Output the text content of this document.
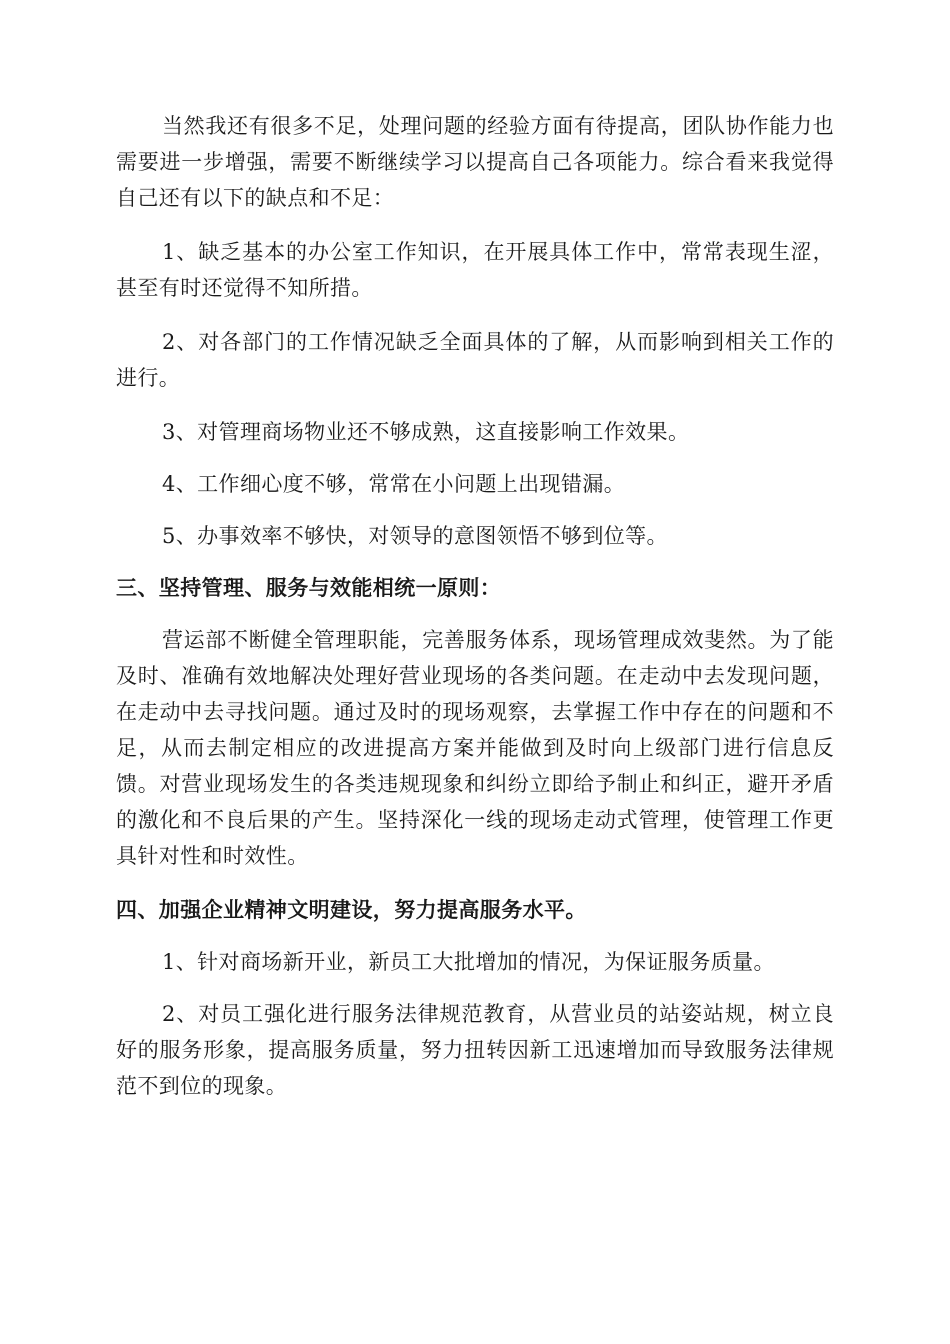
当然我还有很多不足，处理问题的经验方面有待提高，团队协作能力也需要进一步增强，需要不断继续学习以提高自己各项能力。综合看来我觉得自己还有以下的缺点和不足：

1、缺乏基本的办公室工作知识，在开展具体工作中，常常表现生涩，甚至有时还觉得不知所措。

2、对各部门的工作情况缺乏全面具体的了解，从而影响到相关工作的进行。

3、对管理商场物业还不够成熟，这直接影响工作效果。

4、工作细心度不够，常常在小问题上出现错漏。

5、办事效率不够快，对领导的意图领悟不够到位等。

三、坚持管理、服务与效能相统一原则：

营运部不断健全管理职能，完善服务体系，现场管理成效斐然。为了能及时、准确有效地解决处理好营业现场的各类问题。在走动中去发现问题，在走动中去寻找问题。通过及时的现场观察，去掌握工作中存在的问题和不足，从而去制定相应的改进提高方案并能做到及时向上级部门进行信息反馈。对营业现场发生的各类违规现象和纠纷立即给予制止和纠正，避开矛盾的激化和不良后果的产生。坚持深化一线的现场走动式管理，使管理工作更具针对性和时效性。

四、加强企业精神文明建设，努力提高服务水平。

1、针对商场新开业，新员工大批增加的情况，为保证服务质量。

2、对员工强化进行服务法律规范教育，从营业员的站姿站规，树立良好的服务形象，提高服务质量，努力扭转因新工迅速增加而导致服务法律规范不到位的现象。
